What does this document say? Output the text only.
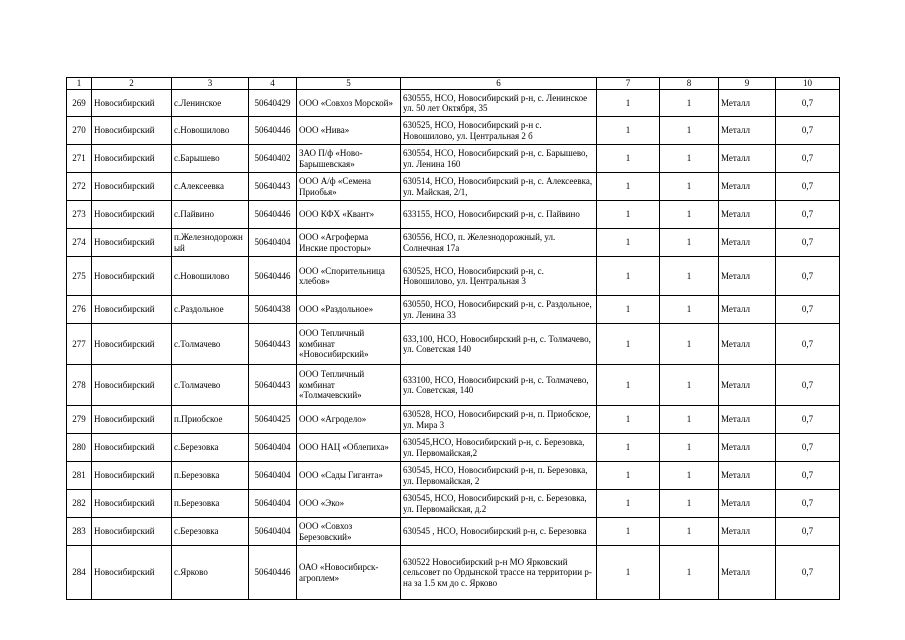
1	2	3	4	5	6	7	8	9	10
269	Новосибирский	с.Ленинское	50640429	ООО «Совхоз Морской»	630555, НСО, Новосибирский р-н, с. Ленинское ул. 50 лет Октября, 35	1	1	Металл	0,7
270	Новосибирский	с.Новошилово	50640446	ООО «Нива»	630525, НСО, Новосибирский р-н с. Новошилово, ул. Центральная 2 б	1	1	Металл	0,7
271	Новосибирский	с.Барышево	50640402	ЗАО П/ф «Ново-Барышевская»	630554, НСО, Новосибирский р-н, с. Барышево, ул. Ленина 160	1	1	Металл	0,7
272	Новосибирский	с.Алексеевка	50640443	ООО А/ф «Семена Приобья»	630514, НСО, Новосибирский р-н, с. Алексеевка, ул. Майская, 2/1,	1	1	Металл	0,7
273	Новосибирский	с.Пайвино	50640446	ООО КФХ «Квант»	633155, НСО, Новосибирский р-н, с. Пайвино	1	1	Металл	0,7
274	Новосибирский	п.Железнодорожный	50640404	ООО «Агроферма Инские просторы»	630556, НСО, п. Железнодорожный, ул. Солнечная 17а	1	1	Металл	0,7
275	Новосибирский	с.Новошилово	50640446	ООО «Спорительница хлебов»	630525, НСО, Новосибирский р-н, с. Новошилово, ул. Центральная 3	1	1	Металл	0,7
276	Новосибирский	с.Раздольное	50640438	ООО «Раздольное»	630550, НСО, Новосибирский р-н, с. Раздольное, ул. Ленина 33	1	1	Металл	0,7
277	Новосибирский	с.Толмачево	50640443	ООО Тепличный комбинат «Новосибирский»	633,100, НСО, Новосибирский р-н, с. Толмачево, ул. Советская 140	1	1	Металл	0,7
278	Новосибирский	с.Толмачево	50640443	ООО Тепличный комбинат «Толмачевский»	633100, НСО, Новосибирский р-н, с. Толмачево, ул. Советская, 140	1	1	Металл	0,7
279	Новосибирский	п.Приобское	50640425	ООО «Агродело»	630528, НСО, Новосибирский р-н, п. Приобское, ул. Мира 3	1	1	Металл	0,7
280	Новосибирский	с.Березовка	50640404	ООО НАЦ «Облепиха»	630545,НСО, Новосибирский р-н, с. Березовка, ул. Первомайская,2	1	1	Металл	0,7
281	Новосибирский	п.Березовка	50640404	ООО «Сады Гиганта»	630545, НСО, Новосибирский р-н, п. Березовка, ул. Первомайская, 2	1	1	Металл	0,7
282	Новосибирский	п.Березовка	50640404	ООО «Эко»	630545, НСО, Новосибирский р-н, с. Березовка, ул. Первомайская, д.2	1	1	Металл	0,7
283	Новосибирский	с.Березовка	50640404	ООО «Совхоз Березовский»	630545 , НСО, Новосибирский р-н, с. Березовка	1	1	Металл	0,7
284	Новосибирский	с.Ярково	50640446	ОАО «Новосибирск-агроплем»	630522 Новосибирский р-н МО Ярковский сельсовет по Ордынской трассе на территории р-на за 1.5 км до с. Ярково	1	1	Металл	0,7
